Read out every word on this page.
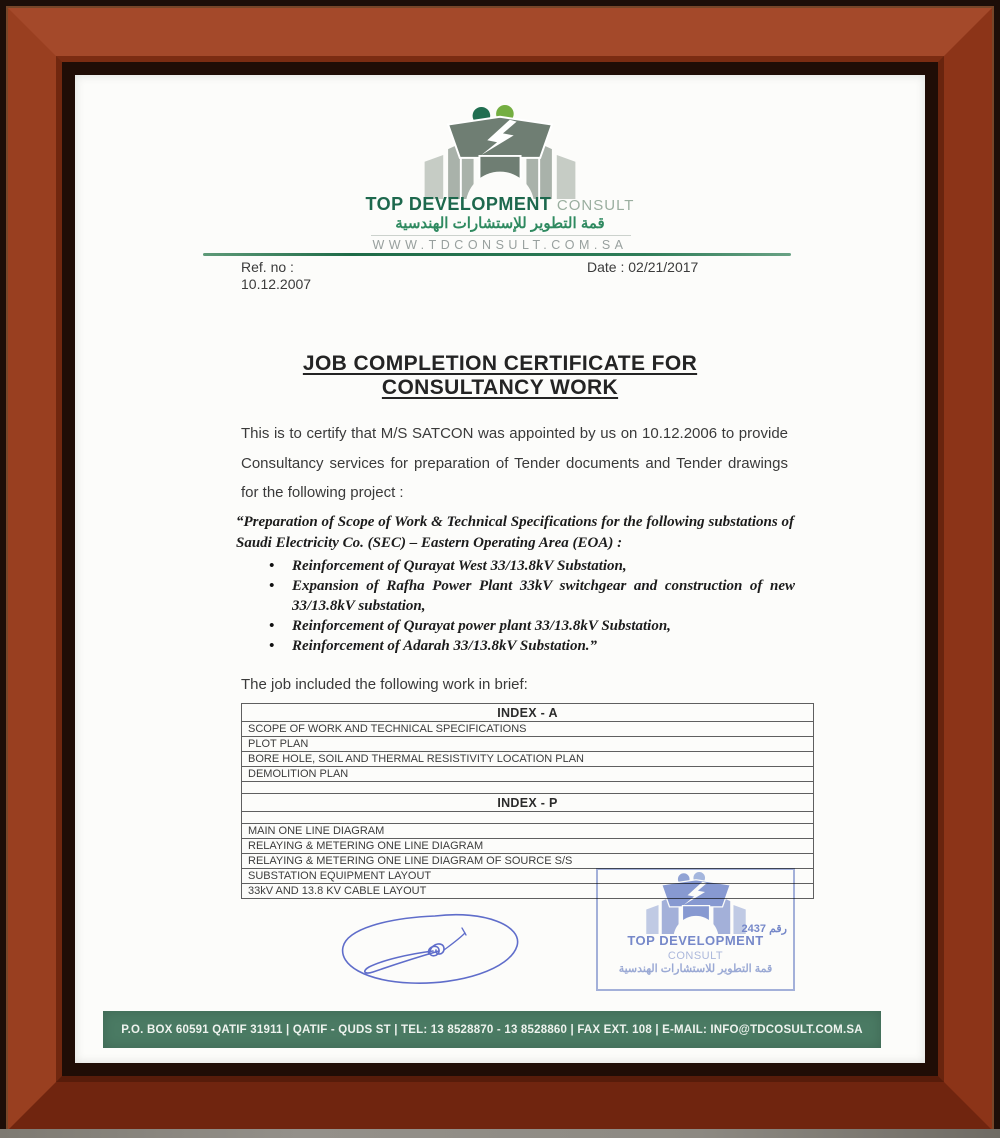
TOP DEVELOPMENT CONSULT
قمة التطوير للإستشارات الهندسية
WWW.TDCONSULT.COM.SA
Ref. no :
10.12.2007
Date : 02/21/2017
JOB COMPLETION CERTIFICATE FOR
CONSULTANCY WORK
This is to certify that M/S SATCON was appointed by us on 10.12.2006 to provide Consultancy services for preparation of Tender documents and Tender drawings for the following project :
“Preparation of Scope of Work & Technical Specifications for the following substations of Saudi Electricity Co. (SEC) – Eastern Operating Area (EOA) :
• Reinforcement of Qurayat West 33/13.8kV Substation,
• Expansion of Rafha Power Plant 33kV switchgear and construction of new 33/13.8kV substation,
• Reinforcement of Qurayat power plant 33/13.8kV Substation,
• Reinforcement of Adarah 33/13.8kV Substation.”
The job included the following work in brief:
INDEX - A
SCOPE OF WORK AND TECHNICAL SPECIFICATIONS
PLOT PLAN
BORE HOLE, SOIL AND THERMAL RESISTIVITY LOCATION PLAN
DEMOLITION PLAN

INDEX - P

MAIN ONE LINE DIAGRAM
RELAYING & METERING ONE LINE DIAGRAM
RELAYING & METERING ONE LINE DIAGRAM OF SOURCE S/S
SUBSTATION EQUIPMENT LAYOUT
33kV AND 13.8 KV CABLE LAYOUT
TOP DEVELOPMENT CONSULT
قمة التطوير للاستشارات الهندسية
رقم 2437
P.O. BOX 60591 QATIF 31911 | QATIF - QUDS ST | TEL: 13 8528870 - 13 8528860 | FAX EXT. 108 | E-MAIL: INFO@TDCOSULT.COM.SA
